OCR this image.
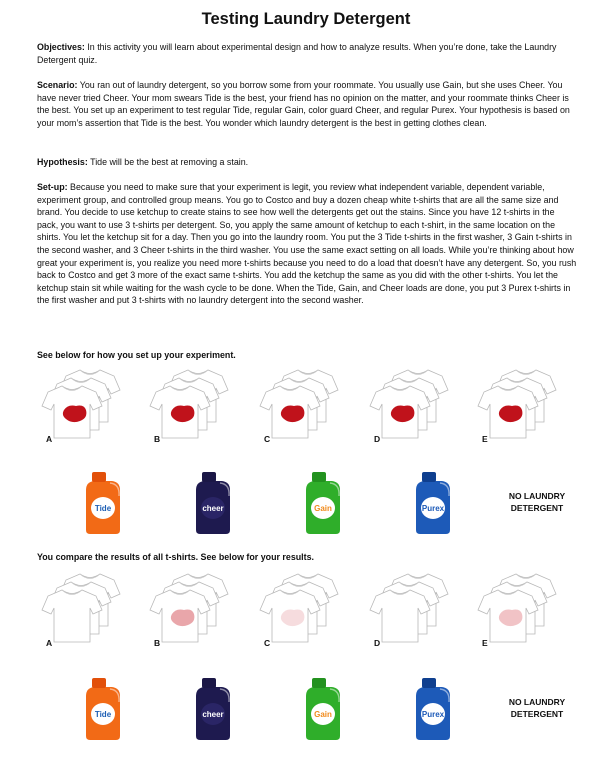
Testing Laundry Detergent

Objectives: In this activity you will learn about experimental design and how to analyze results. When you’re done, take the Laundry Detergent quiz.

Scenario: You ran out of laundry detergent, so you borrow some from your roommate. You usually use Gain, but she uses Cheer. You have never tried Cheer. Your mom swears Tide is the best, your friend has no opinion on the matter, and your roommate thinks Cheer is the best. You set up an experiment to test regular Tide, regular Gain, color guard Cheer, and regular Purex. Your hypothesis is based on your mom’s assertion that Tide is the best. You wonder which laundry detergent is the best in getting clothes clean.

Hypothesis: Tide will be the best at removing a stain.

Set-up: Because you need to make sure that your experiment is legit, you review what independent variable, dependent variable, experiment group, and controlled group means. You go to Costco and buy a dozen cheap white t-shirts that are all the same size and brand. You decide to use ketchup to create stains to see how well the detergents get out the stains. Since you have 12 t-shirts in the pack, you want to use 3 t-shirts per detergent. So, you apply the same amount of ketchup to each t-shirt, in the same location on the shirts. You let the ketchup sit for a day. Then you go into the laundry room. You put the 3 Tide t-shirts in the first washer, 3 Gain t-shirts in the second washer, and 3 Cheer t-shirts in the third washer. You use the same exact setting on all loads. While you’re thinking about how great your experiment is, you realize you need more t-shirts because you need to do a load that doesn’t have any detergent. So, you rush back to Costco and get 3 more of the exact same t-shirts. You add the ketchup the same as you did with the other t-shirts. You let the ketchup stain sit while waiting for the wash cycle to be done. When the Tide, Gain, and Cheer loads are done, you put 3 Purex t-shirts in the first washer and put 3 t-shirts with no laundry detergent into the second washer.

See below for how you set up your experiment.

A	B	C	D	E
Tide	cheer	Gain	Purex
NO LAUNDRY DETERGENT

You compare the results of all t-shirts. See below for your results.

A	B	C	D	E
Tide	cheer	Gain	Purex
NO LAUNDRY DETERGENT
